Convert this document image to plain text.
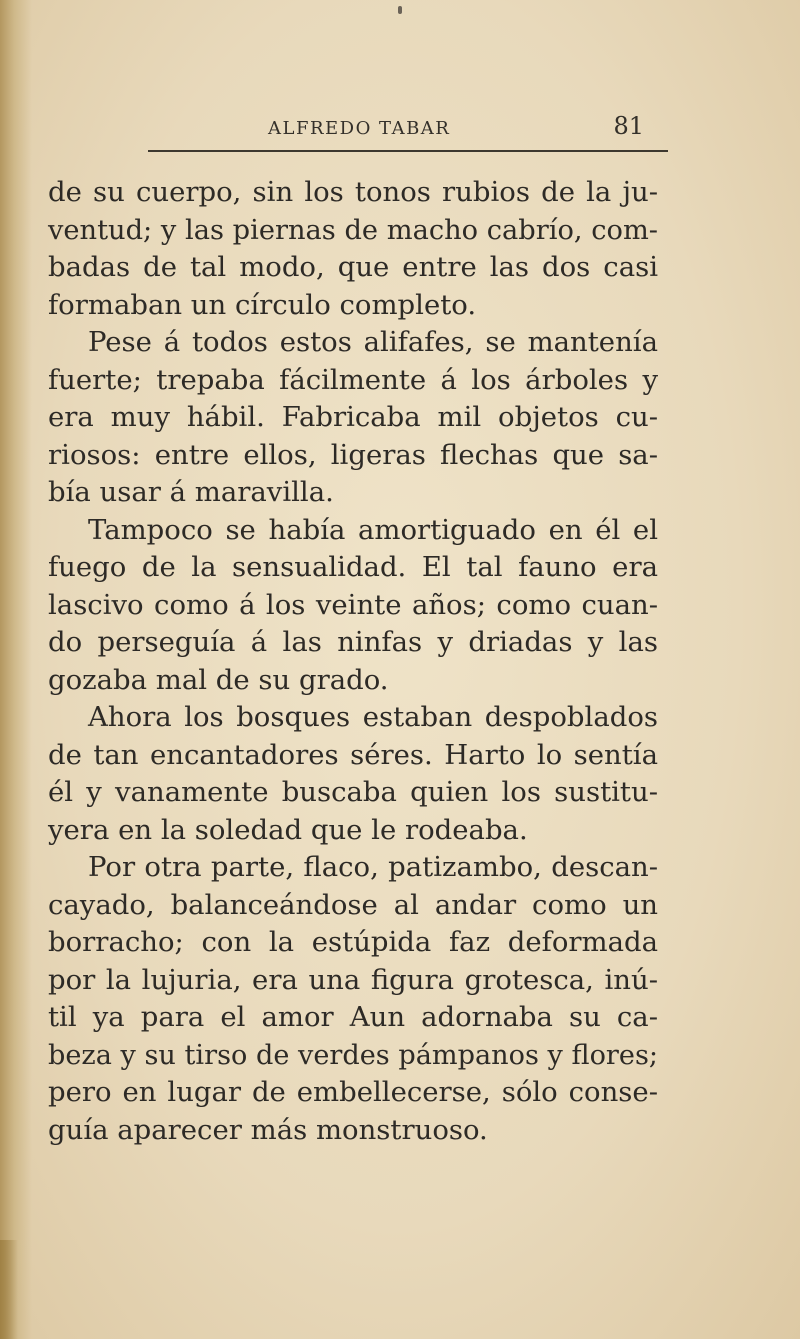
ALFREDO TABAR	81
de su cuerpo, sin los tonos rubios de la ju-
ventud; y las piernas de macho cabrío, com-
badas de tal modo, que entre las dos casi
formaban un círculo completo.
Pese á todos estos alifafes, se mantenía
fuerte; trepaba fácilmente á los árboles y
era muy hábil. Fabricaba mil objetos cu-
riosos: entre ellos, ligeras flechas que sa-
bía usar á maravilla.
Tampoco se había amortiguado en él el
fuego de la sensualidad. El tal fauno era
lascivo como á los veinte años; como cuan-
do perseguía á las ninfas y driadas y las
gozaba mal de su grado.
Ahora los bosques estaban despoblados
de tan encantadores séres. Harto lo sentía
él y vanamente buscaba quien los sustitu-
yera en la soledad que le rodeaba.
Por otra parte, flaco, patizambo, descan-
cayado, balanceándose al andar como un
borracho; con la estúpida faz deformada
por la lujuria, era una figura grotesca, inú-
til ya para el amor Aun adornaba su ca-
beza y su tirso de verdes pámpanos y flores;
pero en lugar de embellecerse, sólo conse-
guía aparecer más monstruoso.
